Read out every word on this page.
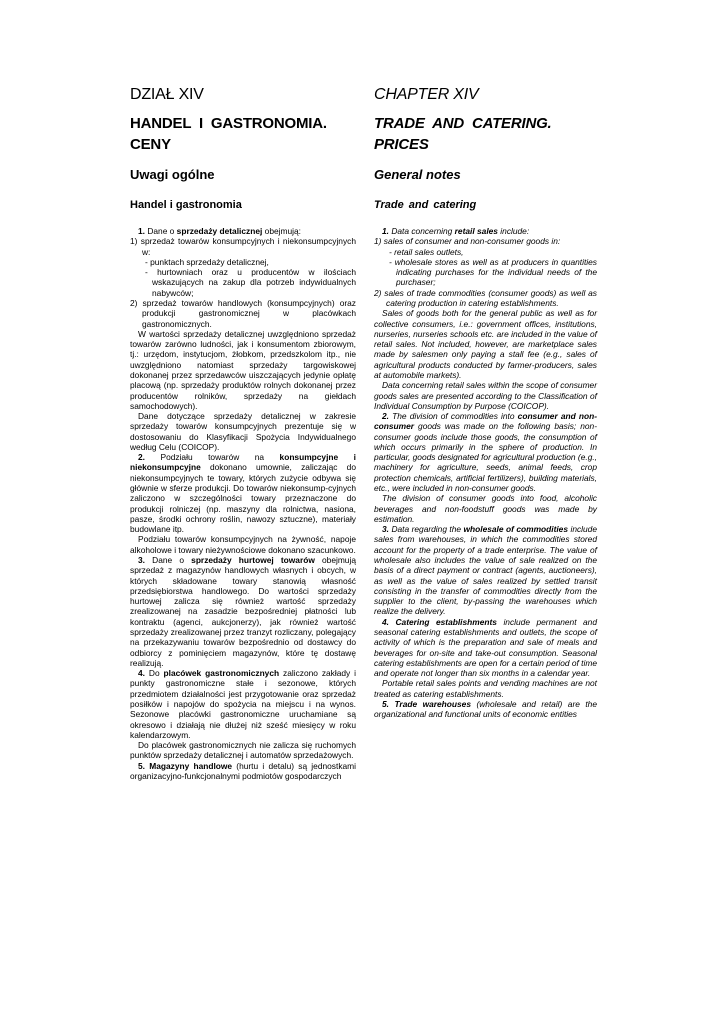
DZIAŁ XIV
HANDEL I GASTRONOMIA.
CENY
Uwagi ogólne
Handel i gastronomia

1. Dane o sprzedaży detalicznej obejmują:

1) sprzedaż towarów konsumpcyjnych i niekonsumpcyjnych w:

- punktach sprzedaży detalicznej,

- hurtowniach oraz u producentów w ilościach wskazujących na zakup dla potrzeb indywidualnych nabywców;

2) sprzedaż towarów handlowych (konsumpcyjnych) oraz produkcji gastronomicznej w placówkach gastronomicznych.

W wartości sprzedaży detalicznej uwzględniono sprzedaż towarów zarówno ludności, jak i konsumentom zbiorowym, tj.: urzędom, instytucjom, żłobkom, przedszkolom itp., nie uwzględniono natomiast sprzedaży targowiskowej dokonanej przez sprzedawców uiszczających jedynie opłatę placową (np. sprzedaży produktów rolnych dokonanej przez producentów rolników, sprzedaży na giełdach samochodowych).

Dane dotyczące sprzedaży detalicznej w zakresie sprzedaży towarów konsumpcyjnych prezentuje się w dostosowaniu do Klasyfikacji Spożycia Indywidualnego według Celu (COICOP).

2. Podziału towarów na konsumpcyjne i niekonsumpcyjne dokonano umownie, zaliczając do niekonsumpcyjnych te towary, których zużycie odbywa się głównie w sferze produkcji. Do towarów niekonsump-cyjnych zaliczono w szczególności towary przeznaczone do produkcji rolniczej (np. maszyny dla rolnictwa, nasiona, pasze, środki ochrony roślin, nawozy sztuczne), materiały budowlane itp.

Podziału towarów konsumpcyjnych na żywność, napoje alkoholowe i towary nieżywnościowe dokonano szacunkowo.

3. Dane o sprzedaży hurtowej towarów obejmują sprzedaż z magazynów handlowych własnych i obcych, w których składowane towary stanowią własność przedsiębiorstwa handlowego. Do wartości sprzedaży hurtowej zalicza się również wartość sprzedaży zrealizowanej na zasadzie bezpośredniej płatności lub kontraktu (agenci, aukcjonerzy), jak również wartość sprzedaży zrealizowanej przez tranzyt rozliczany, polegający na przekazywaniu towarów bezpośrednio od dostawcy do odbiorcy z pominięciem magazynów, które tę dostawę realizują.

4. Do placówek gastronomicznych zaliczono zakłady i punkty gastronomiczne stałe i sezonowe, których przedmiotem działalności jest przygotowanie oraz sprzedaż posiłków i napojów do spożycia na miejscu i na wynos. Sezonowe placówki gastronomiczne uruchamiane są okresowo i działają nie dłużej niż sześć miesięcy w roku kalendarzowym.

Do placówek gastronomicznych nie zalicza się ruchomych punktów sprzedaży detalicznej i automatów sprzedażowych.

5. Magazyny handlowe (hurtu i detalu) są jednostkami organizacyjno-funkcjonalnymi podmiotów gospodarczych

CHAPTER XIV
TRADE AND CATERING.
PRICES
General notes
Trade and catering

1. Data concerning retail sales include:

1) sales of consumer and non-consumer goods in:

- retail sales outlets,

- wholesale stores as well as at producers in quantities indicating purchases for the individual needs of the purchaser;

2) sales of trade commodities (consumer goods) as well as catering production in catering establishments.

Sales of goods both for the general public as well as for collective consumers, i.e.: government offices, institutions, nurseries, nurseries schools etc. are included in the value of retail sales. Not included, however, are marketplace sales made by salesmen only paying a stall fee (e.g., sales of agricultural products conducted by farmer-producers, sales at automobile markets).

Data concerning retail sales within the scope of consumer goods sales are presented according to the Classification of Individual Consumption by Purpose (COICOP).

2. The division of commodities into consumer and non-consumer goods was made on the following basis; non-consumer goods include those goods, the consumption of which occurs primarily in the sphere of production. In particular, goods designated for agricultural production (e.g., machinery for agriculture, seeds, animal feeds, crop protection chemicals, artificial fertilizers), building materials, etc., were included in non-consumer goods.

The division of consumer goods into food, alcoholic beverages and non-foodstuff goods was made by estimation.

3. Data regarding the wholesale of commodities include sales from warehouses, in which the commodities stored account for the property of a trade enterprise. The value of wholesale also includes the value of sale realized on the basis of a direct payment or contract (agents, auctioneers), as well as the value of sales realized by settled transit consisting in the transfer of commodities directly from the supplier to the client, by-passing the warehouses which realize the delivery.

4. Catering establishments include permanent and seasonal catering establishments and outlets, the scope of activity of which is the preparation and sale of meals and beverages for on-site and take-out consumption. Seasonal catering establishments are open for a certain period of time and operate not longer than six months in a calendar year.

Portable retail sales points and vending machines are not treated as catering establishments.

5. Trade warehouses (wholesale and retail) are the organizational and functional units of economic entities
